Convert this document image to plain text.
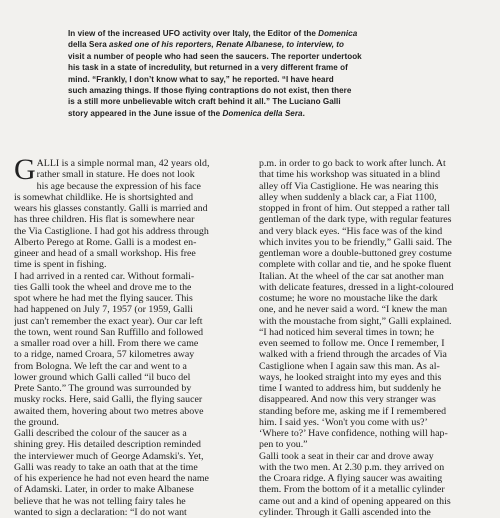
In view of the increased UFO activity over Italy, the Editor of the Domenica
della Sera asked one of his reporters, Renate Albanese, to interview, to
visit a number of people who had seen the saucers. The reporter undertook
his task in a state of incredulity, but returned in a very different frame of
mind. “Frankly, I don’t know what to say,” he reported. “I have heard
such amazing things. If those flying contraptions do not exist, then there
is a still more unbelievable witch craft behind it all.” The Luciano Galli
story appeared in the June issue of the Domenica della Sera.
G ALLI is a simple normal man, 42 years old,
rather small in stature. He does not look
his age because the expression of his face
is somewhat childlike. He is shortsighted and
wears his glasses constantly. Galli is married and
has three children. His flat is somewhere near
the Via Castiglione. I had got his address through
Alberto Perego at Rome. Galli is a modest en-
gineer and head of a small workshop. His free
time is spent in fishing.
I had arrived in a rented car. Without formali-
ties Galli took the wheel and drove me to the
spot where he had met the flying saucer. This
had happened on July 7, 1957 (or 1959, Galli
just can't remember the exact year). Our car left
the town, went round San Ruffillo and followed
a smaller road over a hill. From there we came
to a ridge, named Croara, 57 kilometres away
from Bologna. We left the car and went to a
lower ground which Galli called “il buco del
Prete Santo.” The ground was surrounded by
musky rocks. Here, said Galli, the flying saucer
awaited them, hovering about two metres above
the ground.
Galli described the colour of the saucer as a
shining grey. His detailed description reminded
the interviewer much of George Adamski's. Yet,
Galli was ready to take an oath that at the time
of his experience he had not even heard the name
of Adamski. Later, in order to make Albanese
believe that he was not telling fairy tales he
wanted to sign a declaration: “I do not want
p.m. in order to go back to work after lunch. At
that time his workshop was situated in a blind
alley off Via Castiglione. He was nearing this
alley when suddenly a black car, a Fiat 1100,
stopped in front of him. Out stepped a rather tall
gentleman of the dark type, with regular features
and very black eyes. “His face was of the kind
which invites you to be friendly,” Galli said. The
gentleman wore a double-buttoned grey costume
complete with collar and tie, and he spoke fluent
Italian. At the wheel of the car sat another man
with delicate features, dressed in a light-coloured
costume; he wore no moustache like the dark
one, and he never said a word. “I knew the man
with the moustache from sight,” Galli explained.
“I had noticed him several times in town; he
even seemed to follow me. Once I remember, I
walked with a friend through the arcades of Via
Castiglione when I again saw this man. As al-
ways, he looked straight into my eyes and this
time I wanted to address him, but suddenly he
disappeared. And now this very stranger was
standing before me, asking me if I remembered
him. I said yes. ‘Won't you come with us?’
‘Where to?’ Have confidence, nothing will hap-
pen to you.”
Galli took a seat in their car and drove away
with the two men. At 2.30 p.m. they arrived on
the Croara ridge. A flying saucer was awaiting
them. From the bottom of it a metallic cylinder
came out and a kind of opening appeared on this
cylinder. Through it Galli ascended into the
